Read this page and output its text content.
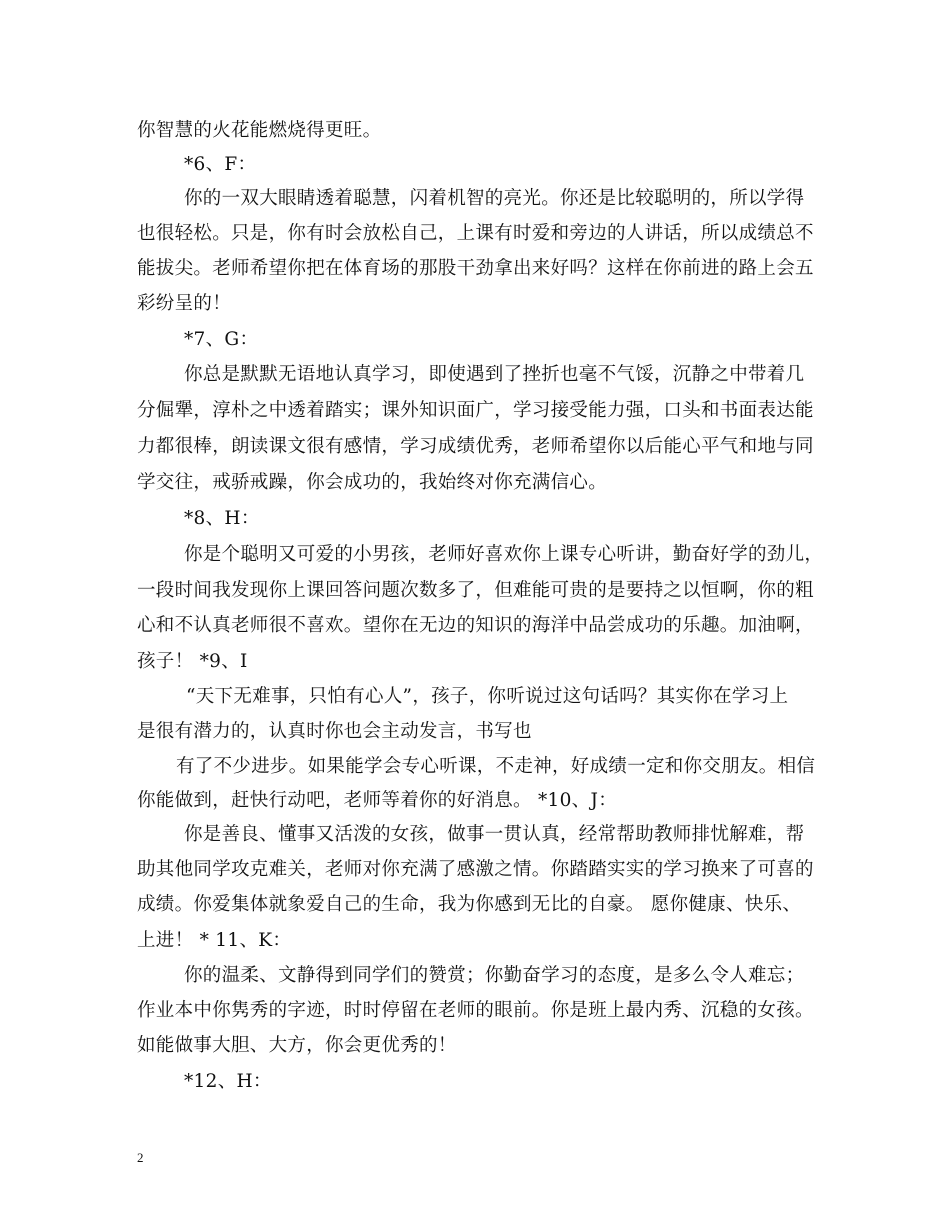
你智慧的火花能燃烧得更旺。
*6、F：
你的一双大眼睛透着聪慧，闪着机智的亮光。你还是比较聪明的，所以学得
也很轻松。只是，你有时会放松自己，上课有时爱和旁边的人讲话，所以成绩总不
能拔尖。老师希望你把在体育场的那股干劲拿出来好吗？这样在你前进的路上会五
彩纷呈的！
*7、G：
你总是默默无语地认真学习，即使遇到了挫折也毫不气馁，沉静之中带着几
分倔犟，淳朴之中透着踏实；课外知识面广，学习接受能力强，口头和书面表达能
力都很棒，朗读课文很有感情，学习成绩优秀，老师希望你以后能心平气和地与同
学交往，戒骄戒躁，你会成功的，我始终对你充满信心。
*8、H：
你是个聪明又可爱的小男孩，老师好喜欢你上课专心听讲，勤奋好学的劲儿，
一段时间我发现你上课回答问题次数多了，但难能可贵的是要持之以恒啊，你的粗
心和不认真老师很不喜欢。望你在无边的知识的海洋中品尝成功的乐趣。加油啊，
孩子！ *9、I
“天下无难事，只怕有心人”，孩子，你听说过这句话吗？其实你在学习上
是很有潜力的，认真时你也会主动发言，书写也
有了不少进步。如果能学会专心听课，不走神，好成绩一定和你交朋友。相信
你能做到，赶快行动吧，老师等着你的好消息。 *10、J：
你是善良、懂事又活泼的女孩，做事一贯认真，经常帮助教师排忧解难，帮
助其他同学攻克难关，老师对你充满了感激之情。你踏踏实实的学习换来了可喜的
成绩。你爱集体就象爱自己的生命，我为你感到无比的自豪。 愿你健康、快乐、
上进！ * 11、K：
你的温柔、文静得到同学们的赞赏；你勤奋学习的态度，是多么令人难忘；
作业本中你隽秀的字迹，时时停留在老师的眼前。你是班上最内秀、沉稳的女孩。
如能做事大胆、大方，你会更优秀的！
*12、H：
2
